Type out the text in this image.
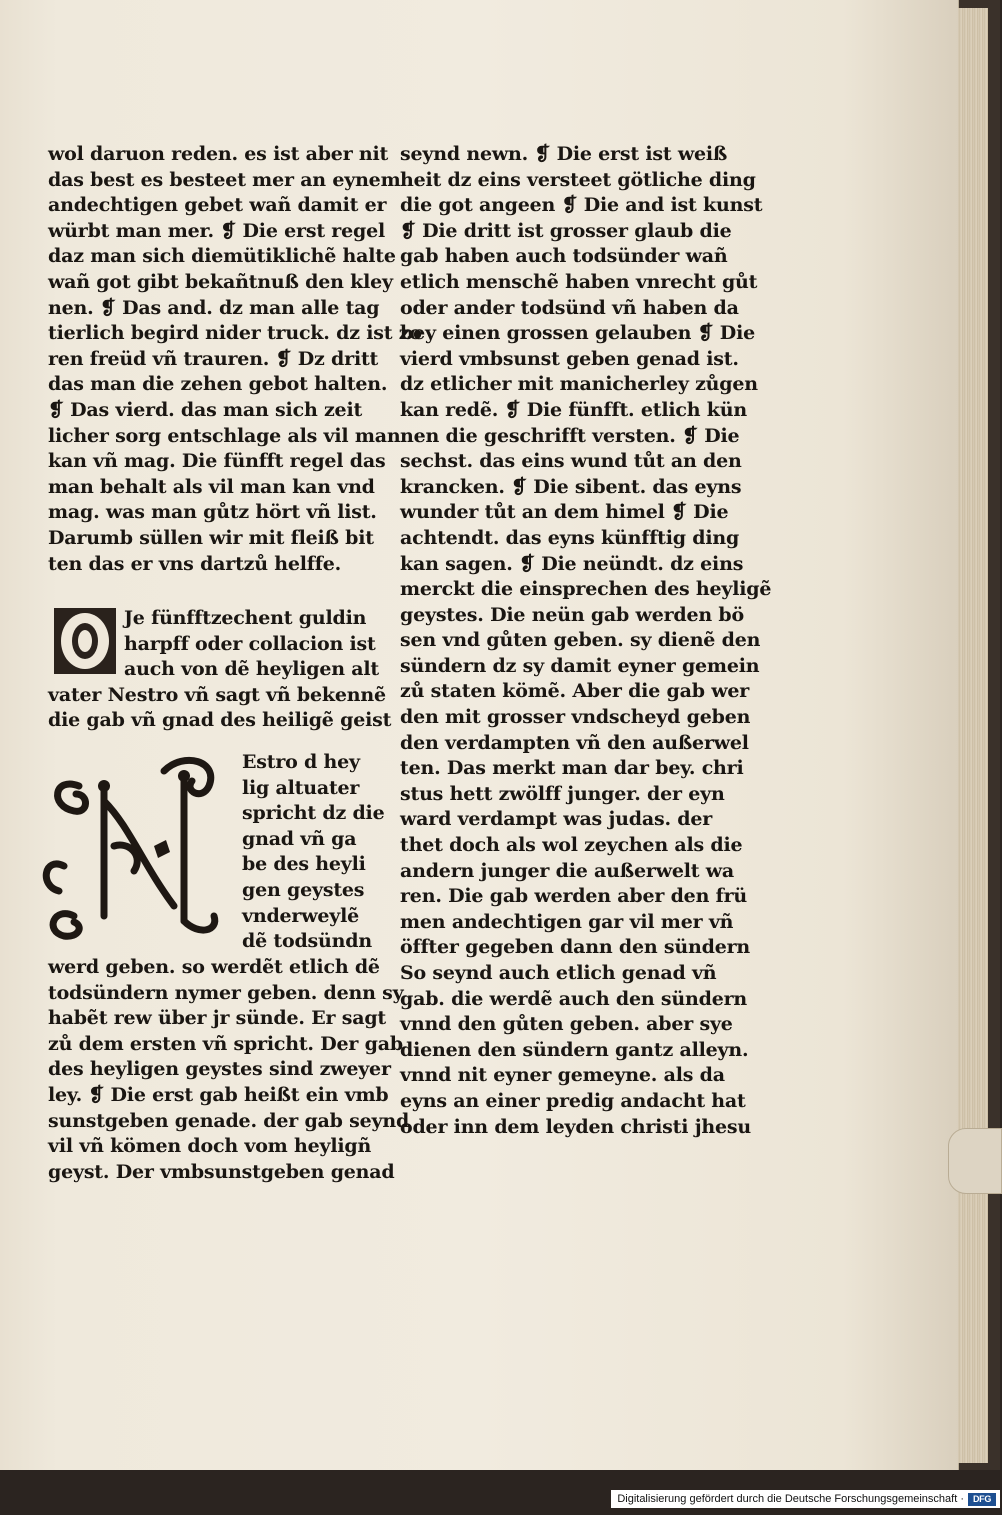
wol daruon reden. es ist aber nit
das best es besteet mer an eynem
andechtigen gebet wañ damit er
würbt man mer. ❡ Die erst regel
daz man sich diemütiklichẽ halte
wañ got gibt bekañtnuß den kley
nen. ❡ Das and. dz man alle tag
tierlich begird nider truck. dz ist zo
ren freüd vñ trauren. ❡ Dz dritt
das man die zehen gebot halten.
❡ Das vierd. das man sich zeit
licher sorg entschlage als vil man
kan vñ mag. Die fünfft regel das
man behalt als vil man kan vnd
mag. was man gůtz hört vñ list.
Darumb süllen wir mit fleiß bit
ten das er vns dartzů helffe.
Je fünfftzechent guldin
harpff oder collacion ist
auch von dẽ heyligen alt
vater Nestro vñ sagt vñ bekennẽ
die gab vñ gnad des heiligẽ geist
Estro d hey
lig altuater
spricht dz die
gnad vñ ga
be des heyli
gen geystes
vnderweylẽ
dẽ todsündn
werd geben. so werdẽt etlich dẽ
todsündern nymer geben. denn sy
habẽt rew über jr sünde. Er sagt
zů dem ersten vñ spricht. Der gab
des heyligen geystes sind zweyer
ley. ❡ Die erst gab heißt ein vmb
sunstgeben genade. der gab seynd
vil vñ kömen doch vom heyligñ
geyst. Der vmbsunstgeben genad
seynd newn. ❡ Die erst ist weiß
heit dz eins versteet götliche ding
die got angeen ❡ Die and ist kunst
❡ Die dritt ist grosser glaub die
gab haben auch todsünder wañ
etlich menschẽ haben vnrecht gůt
oder ander todsünd vñ haben da
bey einen grossen gelauben ❡ Die
vierd vmbsunst geben genad ist.
dz etlicher mit manicherley zůgen
kan redẽ. ❡ Die fünfft. etlich kün
nen die geschrifft versten. ❡ Die
sechst. das eins wund tůt an den
krancken. ❡ Die sibent. das eyns
wunder tůt an dem himel ❡ Die
achtendt. das eyns künfftig ding
kan sagen. ❡ Die neündt. dz eins
merckt die einsprechen des heyligẽ
geystes. Die neün gab werden bö
sen vnd gůten geben. sy dienẽ den
sündern dz sy damit eyner gemein
zů staten kömẽ. Aber die gab wer
den mit grosser vndscheyd geben
den verdampten vñ den außerwel
ten. Das merkt man dar bey. chri
stus hett zwölff junger. der eyn
ward verdampt was judas. der
thet doch als wol zeychen als die
andern junger die außerwelt wa
ren. Die gab werden aber den frü
men andechtigen gar vil mer vñ
öffter gegeben dann den sündern
So seynd auch etlich genad vñ
gab. die werdẽ auch den sündern
vnnd den gůten geben. aber sye
dienen den sündern gantz alleyn.
vnnd nit eyner gemeyne. als da
eyns an einer predig andacht hat
oder inn dem leyden christi jhesu
Digitalisierung gefördert durch die Deutsche Forschungsgemeinschaft · DFG
